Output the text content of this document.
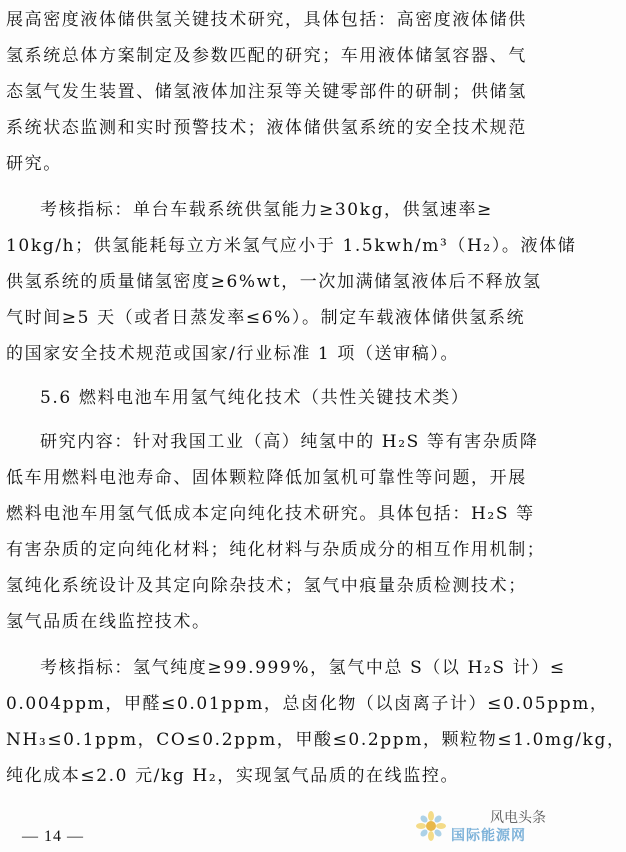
展高密度液体储供氢关键技术研究，具体包括：高密度液体储供
氢系统总体方案制定及参数匹配的研究；车用液体储氢容器、气
态氢气发生装置、储氢液体加注泵等关键零部件的研制；供储氢
系统状态监测和实时预警技术；液体储供氢系统的安全技术规范
研究。
考核指标：单台车载系统供氢能力≥30kg，供氢速率≥
10kg/h；供氢能耗每立方米氢气应小于 1.5kwh/m³（H₂）。液体储
供氢系统的质量储氢密度≥6%wt，一次加满储氢液体后不释放氢
气时间≥5 天（或者日蒸发率≤6%）。制定车载液体储供氢系统
的国家安全技术规范或国家/行业标准 1 项（送审稿）。
5.6 燃料电池车用氢气纯化技术（共性关键技术类）
研究内容：针对我国工业（高）纯氢中的 H₂S 等有害杂质降
低车用燃料电池寿命、固体颗粒降低加氢机可靠性等问题，开展
燃料电池车用氢气低成本定向纯化技术研究。具体包括：H₂S 等
有害杂质的定向纯化材料；纯化材料与杂质成分的相互作用机制；
氢纯化系统设计及其定向除杂技术；氢气中痕量杂质检测技术；
氢气品质在线监控技术。
考核指标：氢气纯度≥99.999%，氢气中总 S（以 H₂S 计）≤
0.004ppm，甲醛≤0.01ppm，总卤化物（以卤离子计）≤0.05ppm，
NH₃≤0.1ppm，CO≤0.2ppm，甲酸≤0.2ppm，颗粒物≤1.0mg/kg，
纯化成本≤2.0 元/kg H₂，实现氢气品质的在线监控。
— 14 —
风电头条
国际能源网
